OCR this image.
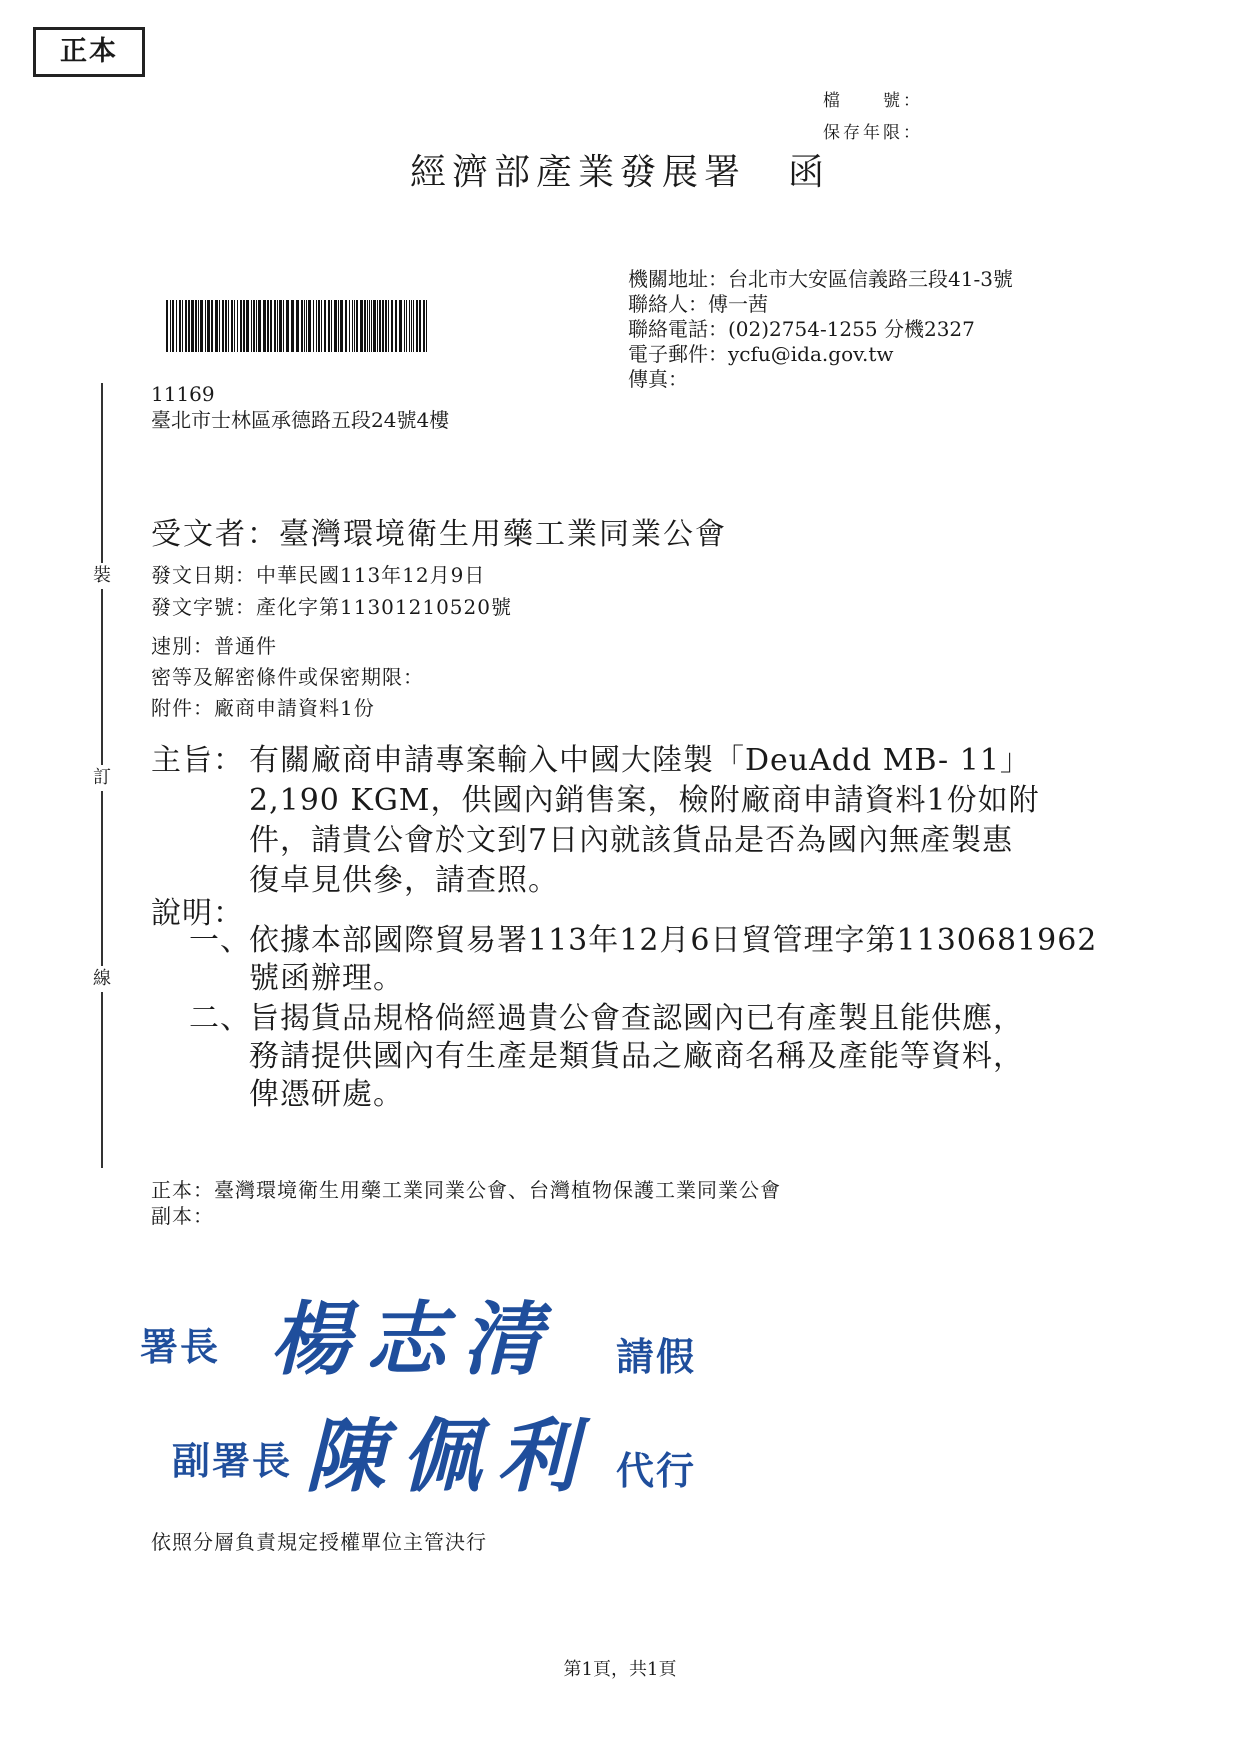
正本
檔　　號：
保存年限：
經濟部產業發展署　函
機關地址：台北市大安區信義路三段41-3號
聯絡人：傅一茜
聯絡電話：(02)2754-1255 分機2327
電子郵件：ycfu@ida.gov.tw
傳真：
11169
臺北市士林區承德路五段24號4樓
裝
訂
線
受文者：臺灣環境衛生用藥工業同業公會
發文日期：中華民國113年12月9日
發文字號：產化字第11301210520號
速別：普通件
密等及解密條件或保密期限：
附件：廠商申請資料1份
主旨： 有關廠商申請專案輸入中國大陸製「DeuAdd MB- 11」
2,190 KGM，供國內銷售案，檢附廠商申請資料1份如附
件，請貴公會於文到7日內就該貨品是否為國內無產製惠
復卓見供參，請查照。
說明：
一、
依據本部國際貿易署113年12月6日貿管理字第1130681962
號函辦理。
二、
旨揭貨品規格倘經過貴公會查認國內已有產製且能供應，
務請提供國內有生產是類貨品之廠商名稱及產能等資料，
俾憑研處。
正本：臺灣環境衛生用藥工業同業公會、台灣植物保護工業同業公會
副本：
署長 楊志清 請假
副署長 陳佩利 代行
依照分層負責規定授權單位主管決行
第1頁，共1頁
